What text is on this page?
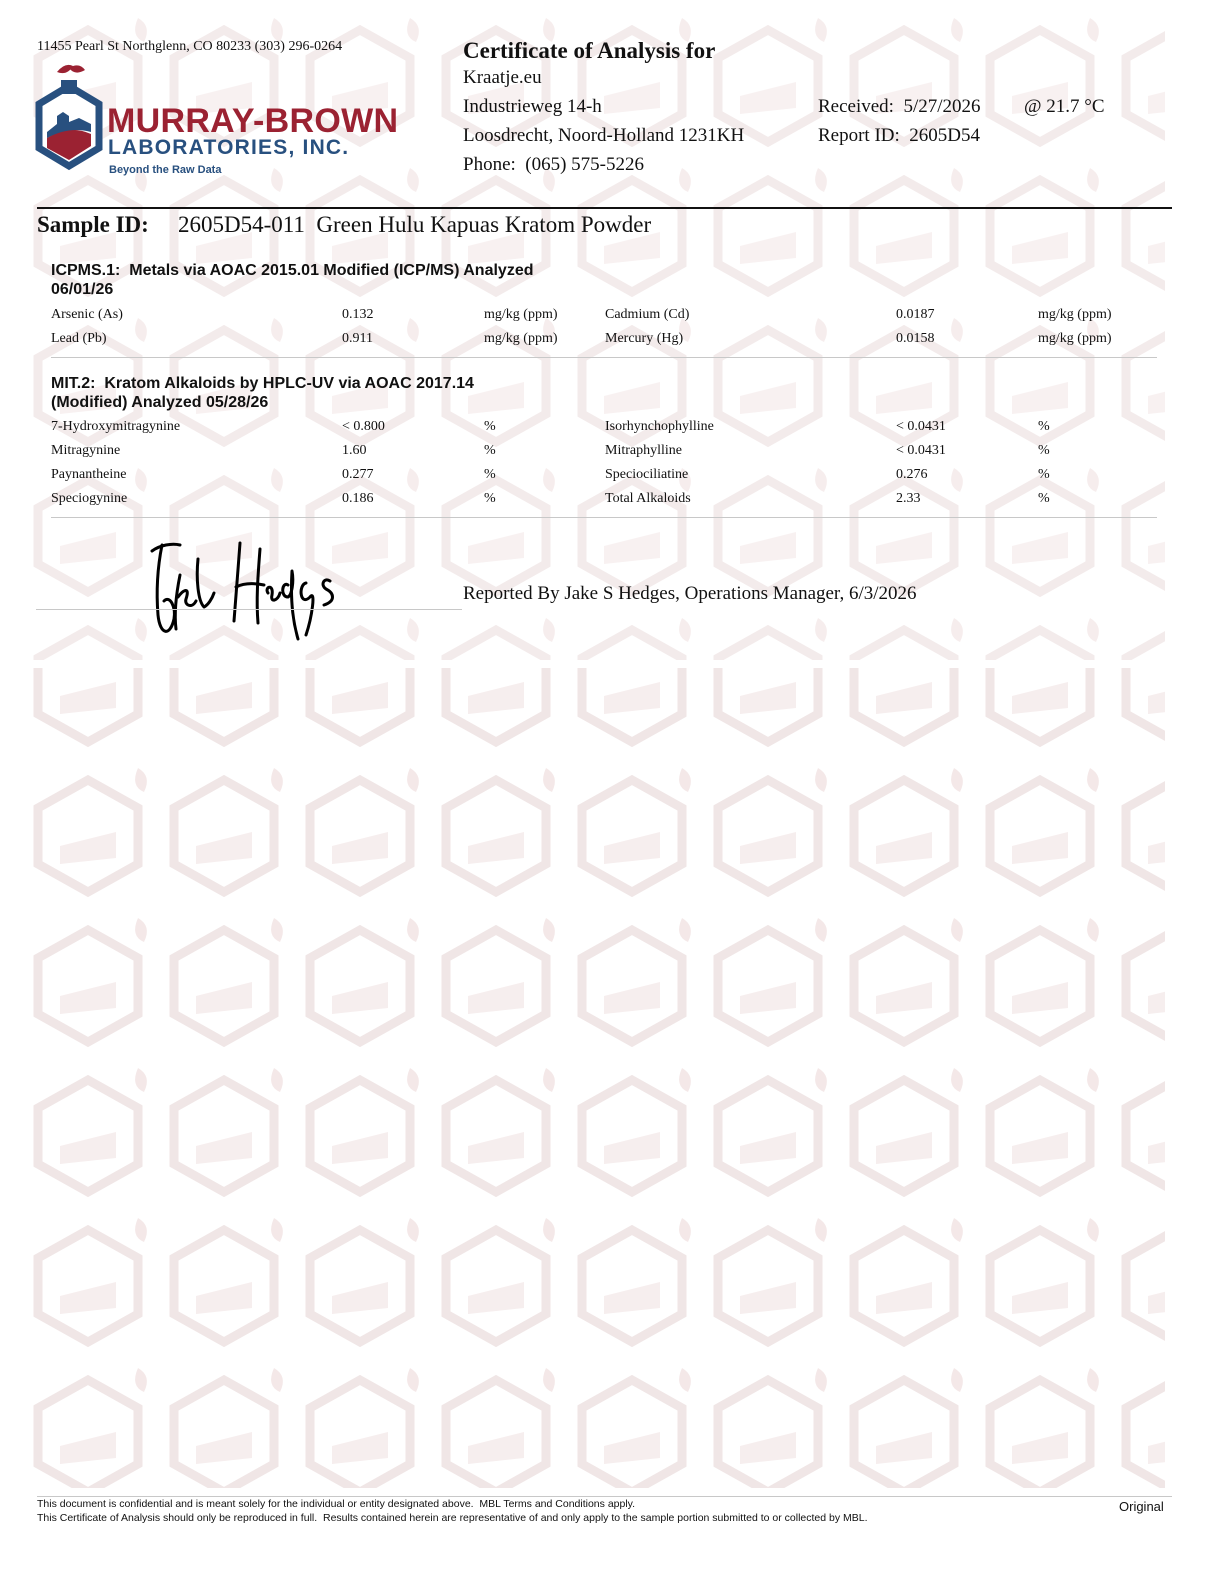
11455 Pearl St Northglenn, CO 80233 (303) 296-0264
MURRAY-BROWN
LABORATORIES, INC.
Beyond the Raw Data
Certificate of Analysis for
Kraatje.eu
Industrieweg 14-h
Loosdrecht, Noord-Holland 1231KH
Phone:  (065) 575-5226
Received:  5/27/2026 @ 21.7 °C
Report ID:  2605D54
Sample ID: 2605D54-011  Green Hulu Kapuas Kratom Powder
ICPMS.1:  Metals via AOAC 2015.01 Modified (ICP/MS) Analyzed
06/01/26
Arsenic (As)	0.132	mg/kg (ppm)	Cadmium (Cd)	0.0187	mg/kg (ppm)
Lead (Pb)	0.911	mg/kg (ppm)	Mercury (Hg)	0.0158	mg/kg (ppm)
MIT.2:  Kratom Alkaloids by HPLC-UV via AOAC 2017.14
(Modified) Analyzed 05/28/26
7-Hydroxymitragynine	< 0.800	%	Isorhynchophylline	< 0.0431	%
Mitragynine	1.60	%	Mitraphylline	< 0.0431	%
Paynantheine	0.277	%	Speciociliatine	0.276	%
Speciogynine	0.186	%	Total Alkaloids	2.33	%
Reported By Jake S Hedges, Operations Manager, 6/3/2026
This document is confidential and is meant solely for the individual or entity designated above.  MBL Terms and Conditions apply.
This Certificate of Analysis should only be reproduced in full.  Results contained herein are representative of and only apply to the sample portion submitted to or collected by MBL.
Original
